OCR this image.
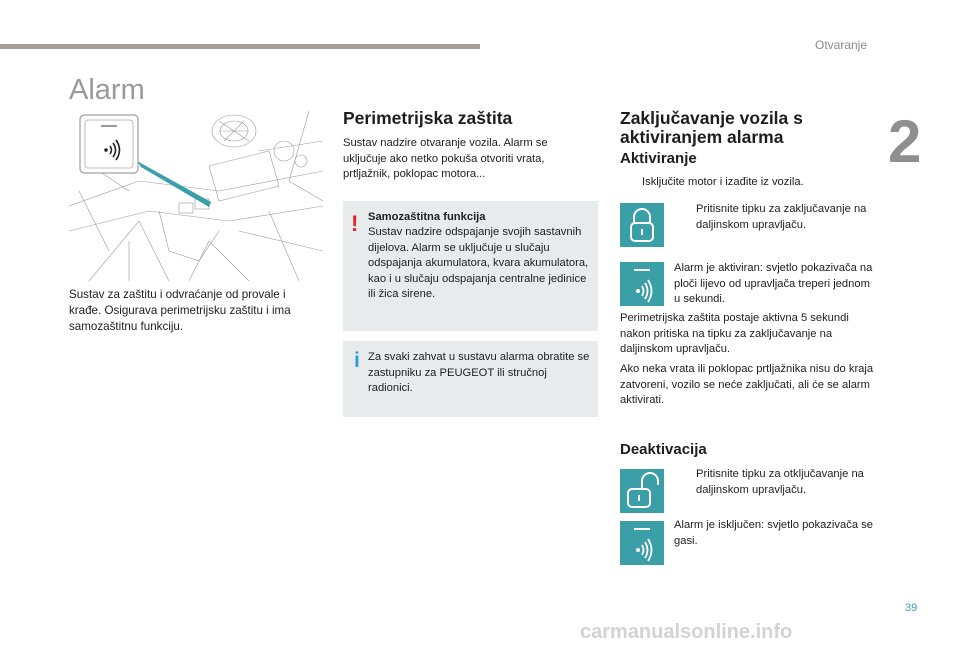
Otvaranje
2
Alarm
Sustav za zaštitu i odvraćanje od provale i krađe. Osigurava perimetrijsku zaštitu i ima samozaštitnu funkciju.
Perimetrijska zaštita
Sustav nadzire otvaranje vozila. Alarm se uključuje ako netko pokuša otvoriti vrata, prtljažnik, poklopac motora...
! Samozaštitna funkcija
Sustav nadzire odspajanje svojih sastavnih dijelova. Alarm se uključuje u slučaju odspajanja akumulatora, kvara akumulatora, kao i u slučaju odspajanja centralne jedinice ili žica sirene.
i Za svaki zahvat u sustavu alarma obratite se zastupniku za PEUGEOT ili stručnoj radionici.
Zaključavanje vozila s aktiviranjem alarma
Aktiviranje
Isključite motor i izađite iz vozila.
Pritisnite tipku za zaključavanje na daljinskom upravljaču.
Alarm je aktiviran: svjetlo pokazivača na ploči lijevo od upravljača treperi jednom u sekundi.
Perimetrijska zaštita postaje aktivna 5 sekundi nakon pritiska na tipku za zaključavanje na daljinskom upravljaču.
Ako neka vrata ili poklopac prtljažnika nisu do kraja zatvoreni, vozilo se neće zaključati, ali će se alarm aktivirati.
Deaktivacija
Pritisnite tipku za otključavanje na daljinskom upravljaču.
Alarm je isključen: svjetlo pokazivača se gasi.
39
carmanualsonline.info
